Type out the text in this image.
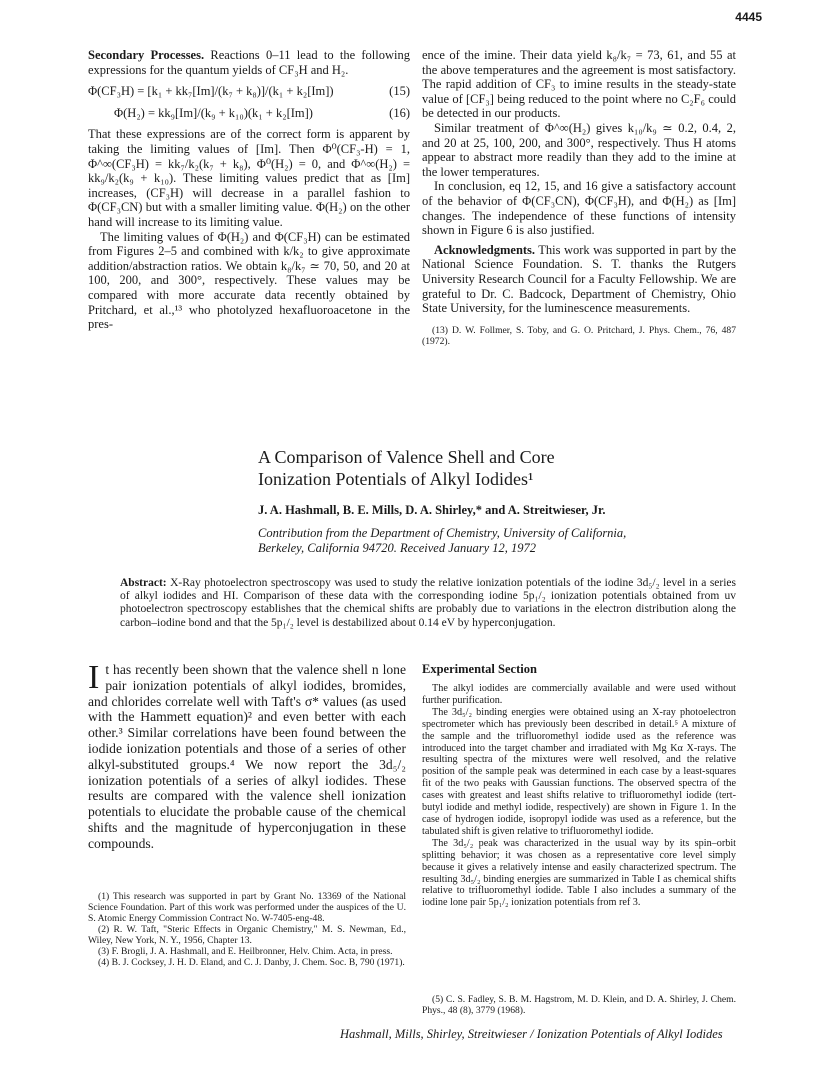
4445

Secondary Processes. Reactions 0–11 lead to the following expressions for the quantum yields of CF₃H and H₂.

Φ(CF₃H) = [k₁ + kk₇[Im]/(k₇ + k₈)]/(k₁ + k₂[Im])	(15)
Φ(H₂) = kk₉[Im]/(k₉ + k₁₀)(k₁ + k₂[Im])	(16)

That these expressions are of the correct form is apparent by taking the limiting values of [Im]. Then Φ⁰(CF₃-H) = 1, Φ^∞(CF₃H) = kk₇/k₂(k₇ + k₈), Φ⁰(H₂) = 0, and Φ^∞(H₂) = kk₉/k₂(k₉ + k₁₀). These limiting values predict that as [Im] increases, (CF₃H) will decrease in a parallel fashion to Φ(CF₃CN) but with a smaller limiting value. Φ(H₂) on the other hand will increase to its limiting value.

The limiting values of Φ(H₂) and Φ(CF₃H) can be estimated from Figures 2–5 and combined with k/k₂ to give approximate addition/abstraction ratios. We obtain k₈/k₇ ≃ 70, 50, and 20 at 100, 200, and 300°, respectively. These values may be compared with more accurate data recently obtained by Pritchard, et al.,¹³ who photolyzed hexafluoroacetone in the pres-

ence of the imine. Their data yield k₈/k₇ = 73, 61, and 55 at the above temperatures and the agreement is most satisfactory. The rapid addition of CF₃ to imine results in the steady-state value of [CF₃] being reduced to the point where no C₂F₆ could be detected in our products.

Similar treatment of Φ^∞(H₂) gives k₁₀/k₉ ≃ 0.2, 0.4, 2, and 20 at 25, 100, 200, and 300°, respectively. Thus H atoms appear to abstract more readily than they add to the imine at the lower temperatures.

In conclusion, eq 12, 15, and 16 give a satisfactory account of the behavior of Φ(CF₃CN), Φ(CF₃H), and Φ(H₂) as [Im] changes. The independence of these functions of intensity shown in Figure 6 is also justified.

Acknowledgments. This work was supported in part by the National Science Foundation. S. T. thanks the Rutgers University Research Council for a Faculty Fellowship. We are grateful to Dr. C. Badcock, Department of Chemistry, Ohio State University, for the luminescence measurements.

(13) D. W. Follmer, S. Toby, and G. O. Pritchard, J. Phys. Chem., 76, 487 (1972).

A Comparison of Valence Shell and Core
Ionization Potentials of Alkyl Iodides¹
J. A. Hashmall, B. E. Mills, D. A. Shirley,* and A. Streitwieser, Jr.
Contribution from the Department of Chemistry, University of California,
Berkeley, California 94720. Received January 12, 1972
Abstract: X-Ray photoelectron spectroscopy was used to study the relative ionization potentials of the iodine 3d₅/₂ level in a series of alkyl iodides and HI. Comparison of these data with the corresponding iodine 5p₁/₂ ionization potentials obtained from uv photoelectron spectroscopy establishes that the chemical shifts are probably due to variations in the electron distribution along the carbon–iodine bond and that the 5p₁/₂ level is destabilized about 0.14 eV by hyperconjugation.

It has recently been shown that the valence shell n lone pair ionization potentials of alkyl iodides, bromides, and chlorides correlate well with Taft's σ* values (as used with the Hammett equation)² and even better with each other.³ Similar correlations have been found between the iodide ionization potentials and those of a series of other alkyl-substituted groups.⁴ We now report the 3d₅/₂ ionization potentials of a series of alkyl iodides. These results are compared with the valence shell ionization potentials to elucidate the probable cause of the chemical shifts and the magnitude of hyperconjugation in these compounds.

(1) This research was supported in part by Grant No. 13369 of the National Science Foundation. Part of this work was performed under the auspices of the U. S. Atomic Energy Commission Contract No. W-7405-eng-48.

(2) R. W. Taft, "Steric Effects in Organic Chemistry," M. S. Newman, Ed., Wiley, New York, N. Y., 1956, Chapter 13.

(3) F. Brogli, J. A. Hashmall, and E. Heilbronner, Helv. Chim. Acta, in press.

(4) B. J. Cocksey, J. H. D. Eland, and C. J. Danby, J. Chem. Soc. B, 790 (1971).

Experimental Section

The alkyl iodides are commercially available and were used without further purification.

The 3d₅/₂ binding energies were obtained using an X-ray photoelectron spectrometer which has previously been described in detail.⁵ A mixture of the sample and the trifluoromethyl iodide used as the reference was introduced into the target chamber and irradiated with Mg Kα X-rays. The resulting spectra of the mixtures were well resolved, and the relative position of the sample peak was determined in each case by a least-squares fit of the two peaks with Gaussian functions. The observed spectra of the cases with greatest and least shifts relative to trifluoromethyl iodide (tert-butyl iodide and methyl iodide, respectively) are shown in Figure 1. In the case of hydrogen iodide, isopropyl iodide was used as a reference, but the tabulated shift is given relative to trifluoromethyl iodide.

The 3d₅/₂ peak was characterized in the usual way by its spin–orbit splitting behavior; it was chosen as a representative core level simply because it gives a relatively intense and easily characterized spectrum. The resulting 3d₅/₂ binding energies are summarized in Table I as chemical shifts relative to trifluoromethyl iodide. Table I also includes a summary of the iodine lone pair 5p₁/₂ ionization potentials from ref 3.

(5) C. S. Fadley, S. B. M. Hagstrom, M. D. Klein, and D. A. Shirley, J. Chem. Phys., 48 (8), 3779 (1968).

Hashmall, Mills, Shirley, Streitwieser / Ionization Potentials of Alkyl Iodides
